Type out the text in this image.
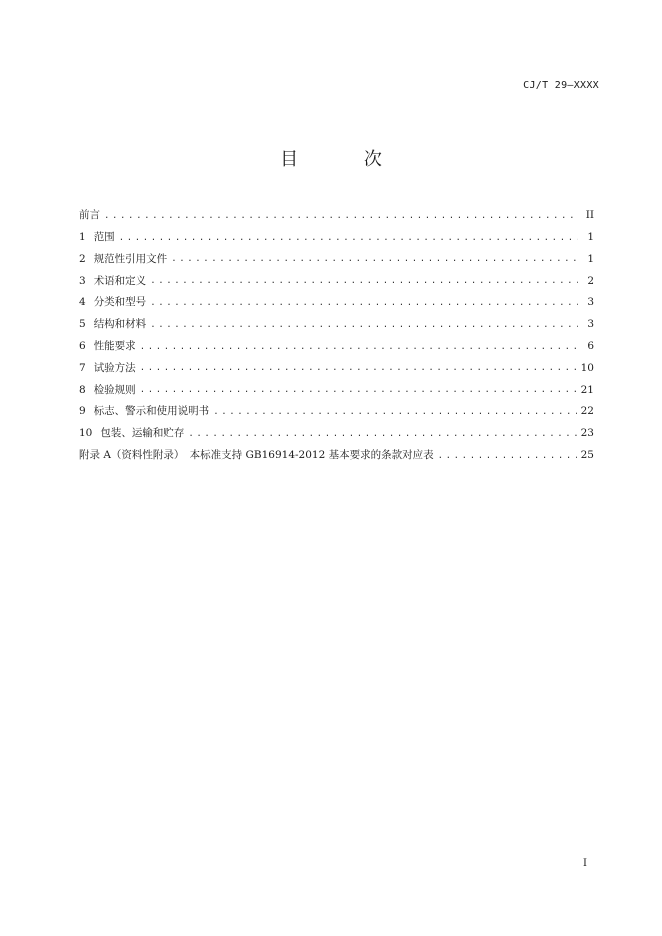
CJ/T 29—XXXX
目 次
前言 .....	II
1 范围 .....	1
2 规范性引用文件 .....	1
3 术语和定义 .....	2
4 分类和型号 .....	3
5 结构和材料 .....	3
6 性能要求 .....	6
7 试验方法 .....	10
8 检验规则 .....	21
9 标志、警示和使用说明书 .....	22
10 包装、运输和贮存 .....	23
附录 A（资料性附录）　本标准支持 GB16914-2012 基本要求的条款对应表 .....	25
I
